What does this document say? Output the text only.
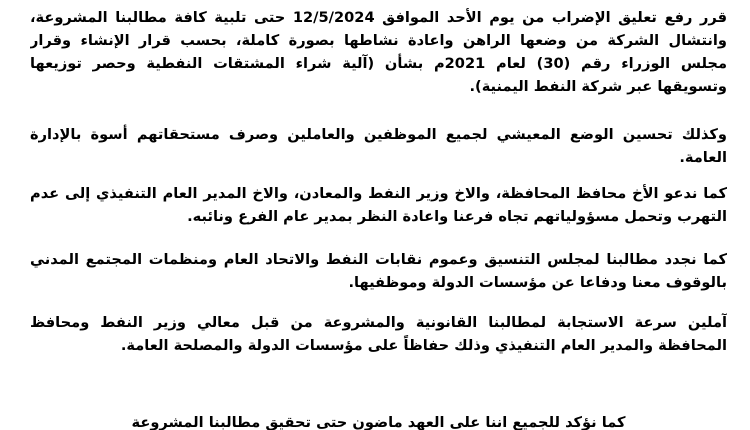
قرر رفع تعليق الإضراب من يوم الأحد الموافق 12/5/2024 حتى تلبية كافة مطالبنا المشروعة، وانتشال الشركة من وضعها الراهن واعادة نشاطها بصورة كاملة، بحسب قرار الإنشاء وقرار مجلس الوزراء رقم (30) لعام 2021م بشأن (آلية شراء المشتقات النفطية وحصر توزيعها وتسويقها عبر شركة النفط اليمنية).

وكذلك تحسين الوضع المعيشي لجميع الموظفين والعاملين وصرف مستحقاتهم أسوة بالإدارة العامة.

كما ندعو الأخ محافظ المحافظة، والاخ وزير النفط والمعادن، والاخ المدير العام التنفيذي إلى عدم التهرب وتحمل مسؤولياتهم تجاه فرعنا واعادة النظر بمدير عام الفرع ونائبه.

كما نجدد مطالبنا لمجلس التنسيق وعموم نقابات النفط والاتحاد العام ومنظمات المجتمع المدني بالوقوف معنا ودفاعا عن مؤسسات الدولة وموظفيها.

آملين سرعة الاستجابة لمطالبنا القانونية والمشروعة من قبل معالي وزير النفط ومحافظ المحافظة والمدير العام التنفيذي وذلك حفاظاً على مؤسسات الدولة والمصلحة العامة.

كما نؤكد للجميع اننا على العهد ماضون حتى تحقيق مطالبنا المشروعة
